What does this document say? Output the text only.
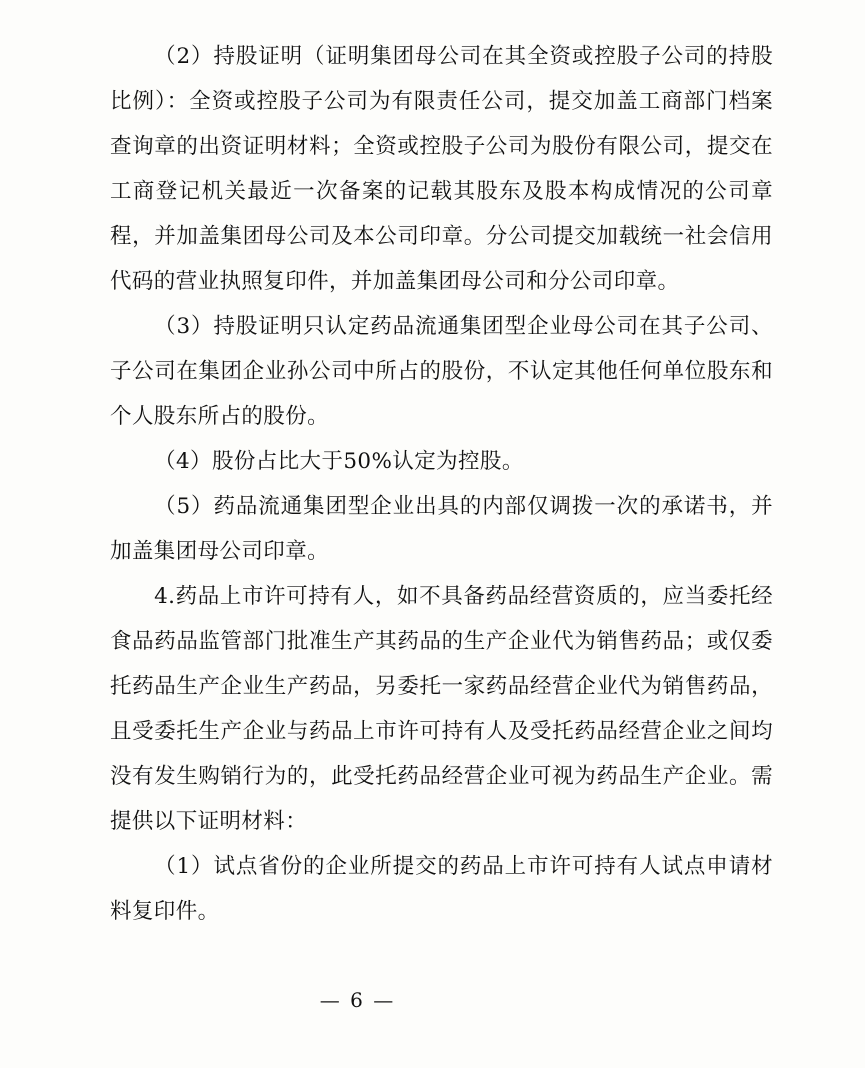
（2）持股证明（证明集团母公司在其全资或控股子公司的持股比例）：全资或控股子公司为有限责任公司，提交加盖工商部门档案查询章的出资证明材料；全资或控股子公司为股份有限公司，提交在工商登记机关最近一次备案的记载其股东及股本构成情况的公司章程，并加盖集团母公司及本公司印章。分公司提交加载统一社会信用代码的营业执照复印件，并加盖集团母公司和分公司印章。

（3）持股证明只认定药品流通集团型企业母公司在其子公司、子公司在集团企业孙公司中所占的股份，不认定其他任何单位股东和个人股东所占的股份。

（4）股份占比大于50%认定为控股。

（5）药品流通集团型企业出具的内部仅调拨一次的承诺书，并加盖集团母公司印章。

4.药品上市许可持有人，如不具备药品经营资质的，应当委托经食品药品监管部门批准生产其药品的生产企业代为销售药品；或仅委托药品生产企业生产药品，另委托一家药品经营企业代为销售药品，且受委托生产企业与药品上市许可持有人及受托药品经营企业之间均没有发生购销行为的，此受托药品经营企业可视为药品生产企业。需提供以下证明材料：

（1）试点省份的企业所提交的药品上市许可持有人试点申请材料复印件。

— 6 —
